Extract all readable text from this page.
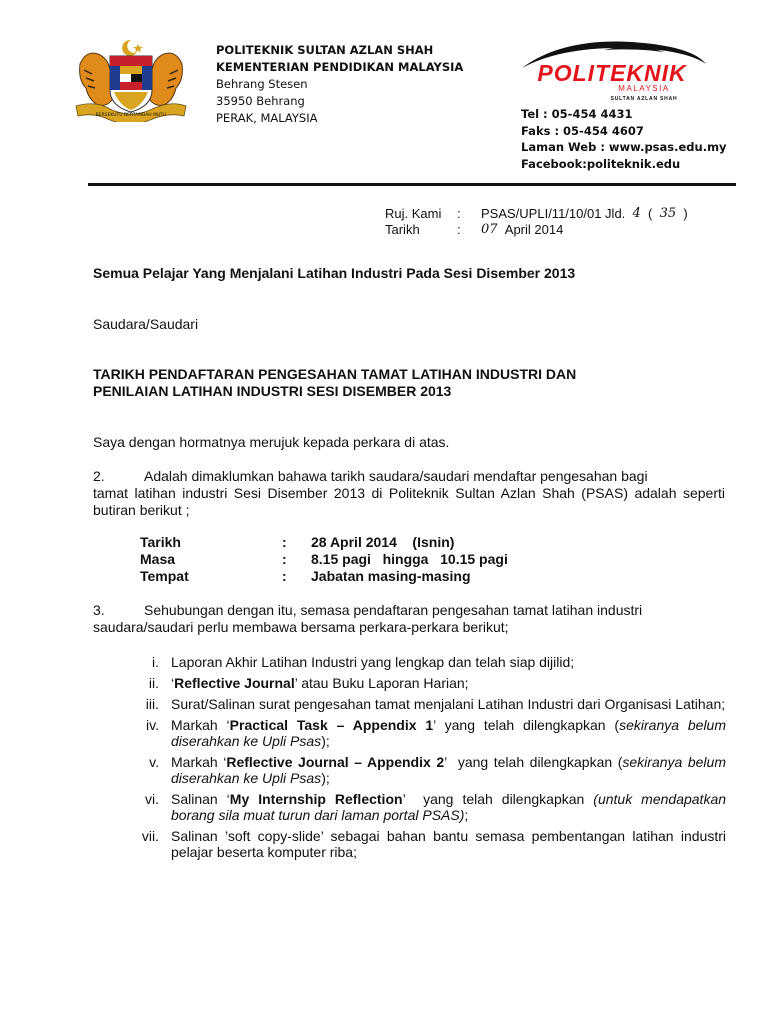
BERSEKUTU BERTAMBAH MUTU
POLITEKNIK SULTAN AZLAN SHAH
KEMENTERIAN PENDIDIKAN MALAYSIA
Behrang Stesen
35950 Behrang
PERAK, MALAYSIA
POLITEKNIK
MALAYSIA
SULTAN AZLAN SHAH
Tel : 05-454 4431
Faks : 05-454 4607
Laman Web : www.psas.edu.my
Facebook:politeknik.edu
Ruj. Kami	:	PSAS/UPLI/11/10/01 Jld.
4 ( 35 )
Tarikh	:	07
April 2014
Semua Pelajar Yang Menjalani Latihan Industri Pada Sesi Disember 2013
Saudara/Saudari
TARIKH PENDAFTARAN PENGESAHAN TAMAT LATIHAN INDUSTRI DAN
PENILAIAN LATIHAN INDUSTRI SESI DISEMBER 2013
Saya dengan hormatnya merujuk kepada perkara di atas.
2.	Adalah dimaklumkan bahawa tarikh saudara/saudari mendaftar pengesahan bagi
tamat latihan industri Sesi Disember 2013 di Politeknik Sultan Azlan Shah (PSAS) adalah seperti butiran berikut ;
Tarikh	:	28 April 2014    (Isnin)
Masa	:	8.15 pagi   hingga   10.15 pagi
Tempat	:	Jabatan masing-masing
3.	Sehubungan dengan itu, semasa pendaftaran pengesahan tamat latihan industri
saudara/saudari perlu membawa bersama perkara-perkara berikut;
i. Laporan Akhir Latihan Industri yang lengkap dan telah siap dijilid;
ii. ‘Reflective Journal’ atau Buku Laporan Harian;
iii. Surat/Salinan surat pengesahan tamat menjalani Latihan Industri dari Organisasi Latihan;
iv. Markah ‘Practical Task – Appendix 1’ yang telah dilengkapkan (sekiranya belum diserahkan ke Upli Psas);
v. Markah ‘Reflective Journal – Appendix 2’  yang telah dilengkapkan (sekiranya belum diserahkan ke Upli Psas);
vi. Salinan ‘My Internship Reflection’  yang telah dilengkapkan (untuk mendapatkan borang sila muat turun dari laman portal PSAS);
vii. Salinan ’soft copy-slide’ sebagai bahan bantu semasa pembentangan latihan industri pelajar beserta komputer riba;
